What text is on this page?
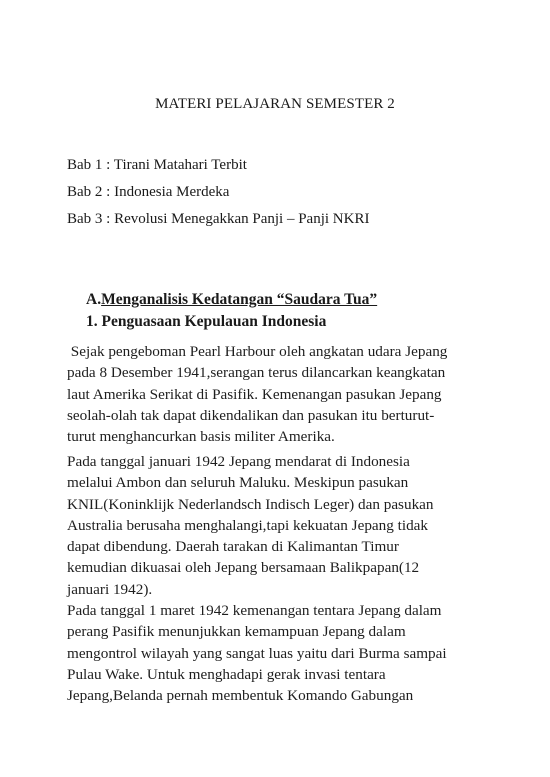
MATERI PELAJARAN SEMESTER 2
Bab 1 : Tirani Matahari Terbit
Bab 2 : Indonesia Merdeka
Bab 3 : Revolusi Menegakkan Panji – Panji NKRI
A.Menganalisis Kedatangan “Saudara Tua”
1. Penguasaan Kepulauan Indonesia
Sejak pengeboman Pearl Harbour oleh angkatan udara Jepang
pada 8 Desember 1941,serangan terus dilancarkan keangkatan
laut Amerika Serikat di Pasifik. Kemenangan pasukan Jepang
seolah-olah tak dapat dikendalikan dan pasukan itu berturut-
turut menghancurkan basis militer Amerika.
Pada tanggal januari 1942 Jepang mendarat di Indonesia
melalui Ambon dan seluruh Maluku. Meskipun pasukan
KNIL(Koninklijk Nederlandsch Indisch Leger) dan pasukan
Australia berusaha menghalangi,tapi kekuatan Jepang tidak
dapat dibendung. Daerah tarakan di Kalimantan Timur
kemudian dikuasai oleh Jepang bersamaan Balikpapan(12
januari 1942).
Pada tanggal 1 maret 1942 kemenangan tentara Jepang dalam
perang Pasifik menunjukkan kemampuan Jepang dalam
mengontrol wilayah yang sangat luas yaitu dari Burma sampai
Pulau Wake. Untuk menghadapi gerak invasi tentara
Jepang,Belanda pernah membentuk Komando Gabungan
